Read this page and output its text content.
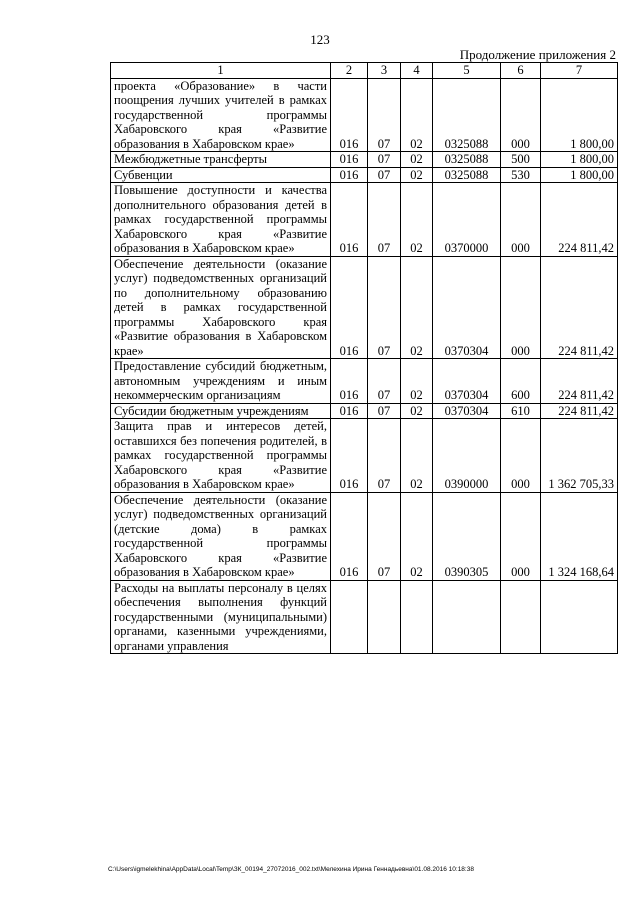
123
Продолжение приложения 2
1	2	3	4	5	6	7
проекта «Образование» в части поощрения лучших учителей в рамках государственной программы Хабаровского края «Развитие образования в Хабаровском крае»	016	07	02	0325088	000	1 800,00
Межбюджетные трансферты	016	07	02	0325088	500	1 800,00
Субвенции	016	07	02	0325088	530	1 800,00
Повышение доступности и качества дополнительного образования детей в рамках государственной программы Хабаровского края «Развитие образования в Хабаровском крае»	016	07	02	0370000	000	224 811,42
Обеспечение деятельности (оказание услуг) подведомственных организаций по дополнительному образованию детей в рамках государственной программы Хабаровского края «Развитие образования в Хабаровском крае»	016	07	02	0370304	000	224 811,42
Предоставление субсидий бюджетным, автономным учреждениям и иным некоммерческим организациям	016	07	02	0370304	600	224 811,42
Субсидии бюджетным учреждениям	016	07	02	0370304	610	224 811,42
Защита прав и интересов детей, оставшихся без попечения родителей, в рамках государственной программы Хабаровского края «Развитие образования в Хабаровском крае»	016	07	02	0390000	000	1 362 705,33
Обеспечение деятельности (оказание услуг) подведомственных организаций (детские дома) в рамках государственной программы Хабаровского края «Развитие образования в Хабаровском крае»	016	07	02	0390305	000	1 324 168,64
Расходы на выплаты персоналу в целях обеспечения выполнения функций государственными (муниципальными) органами, казенными учреждениями, органами управления						
C:\Users\igmelekhina\AppData\Local\Temp\ЗК_00194_27072016_002.txt\Мелехина Ирина Геннадьевна\01.08.2016 10:18:38
